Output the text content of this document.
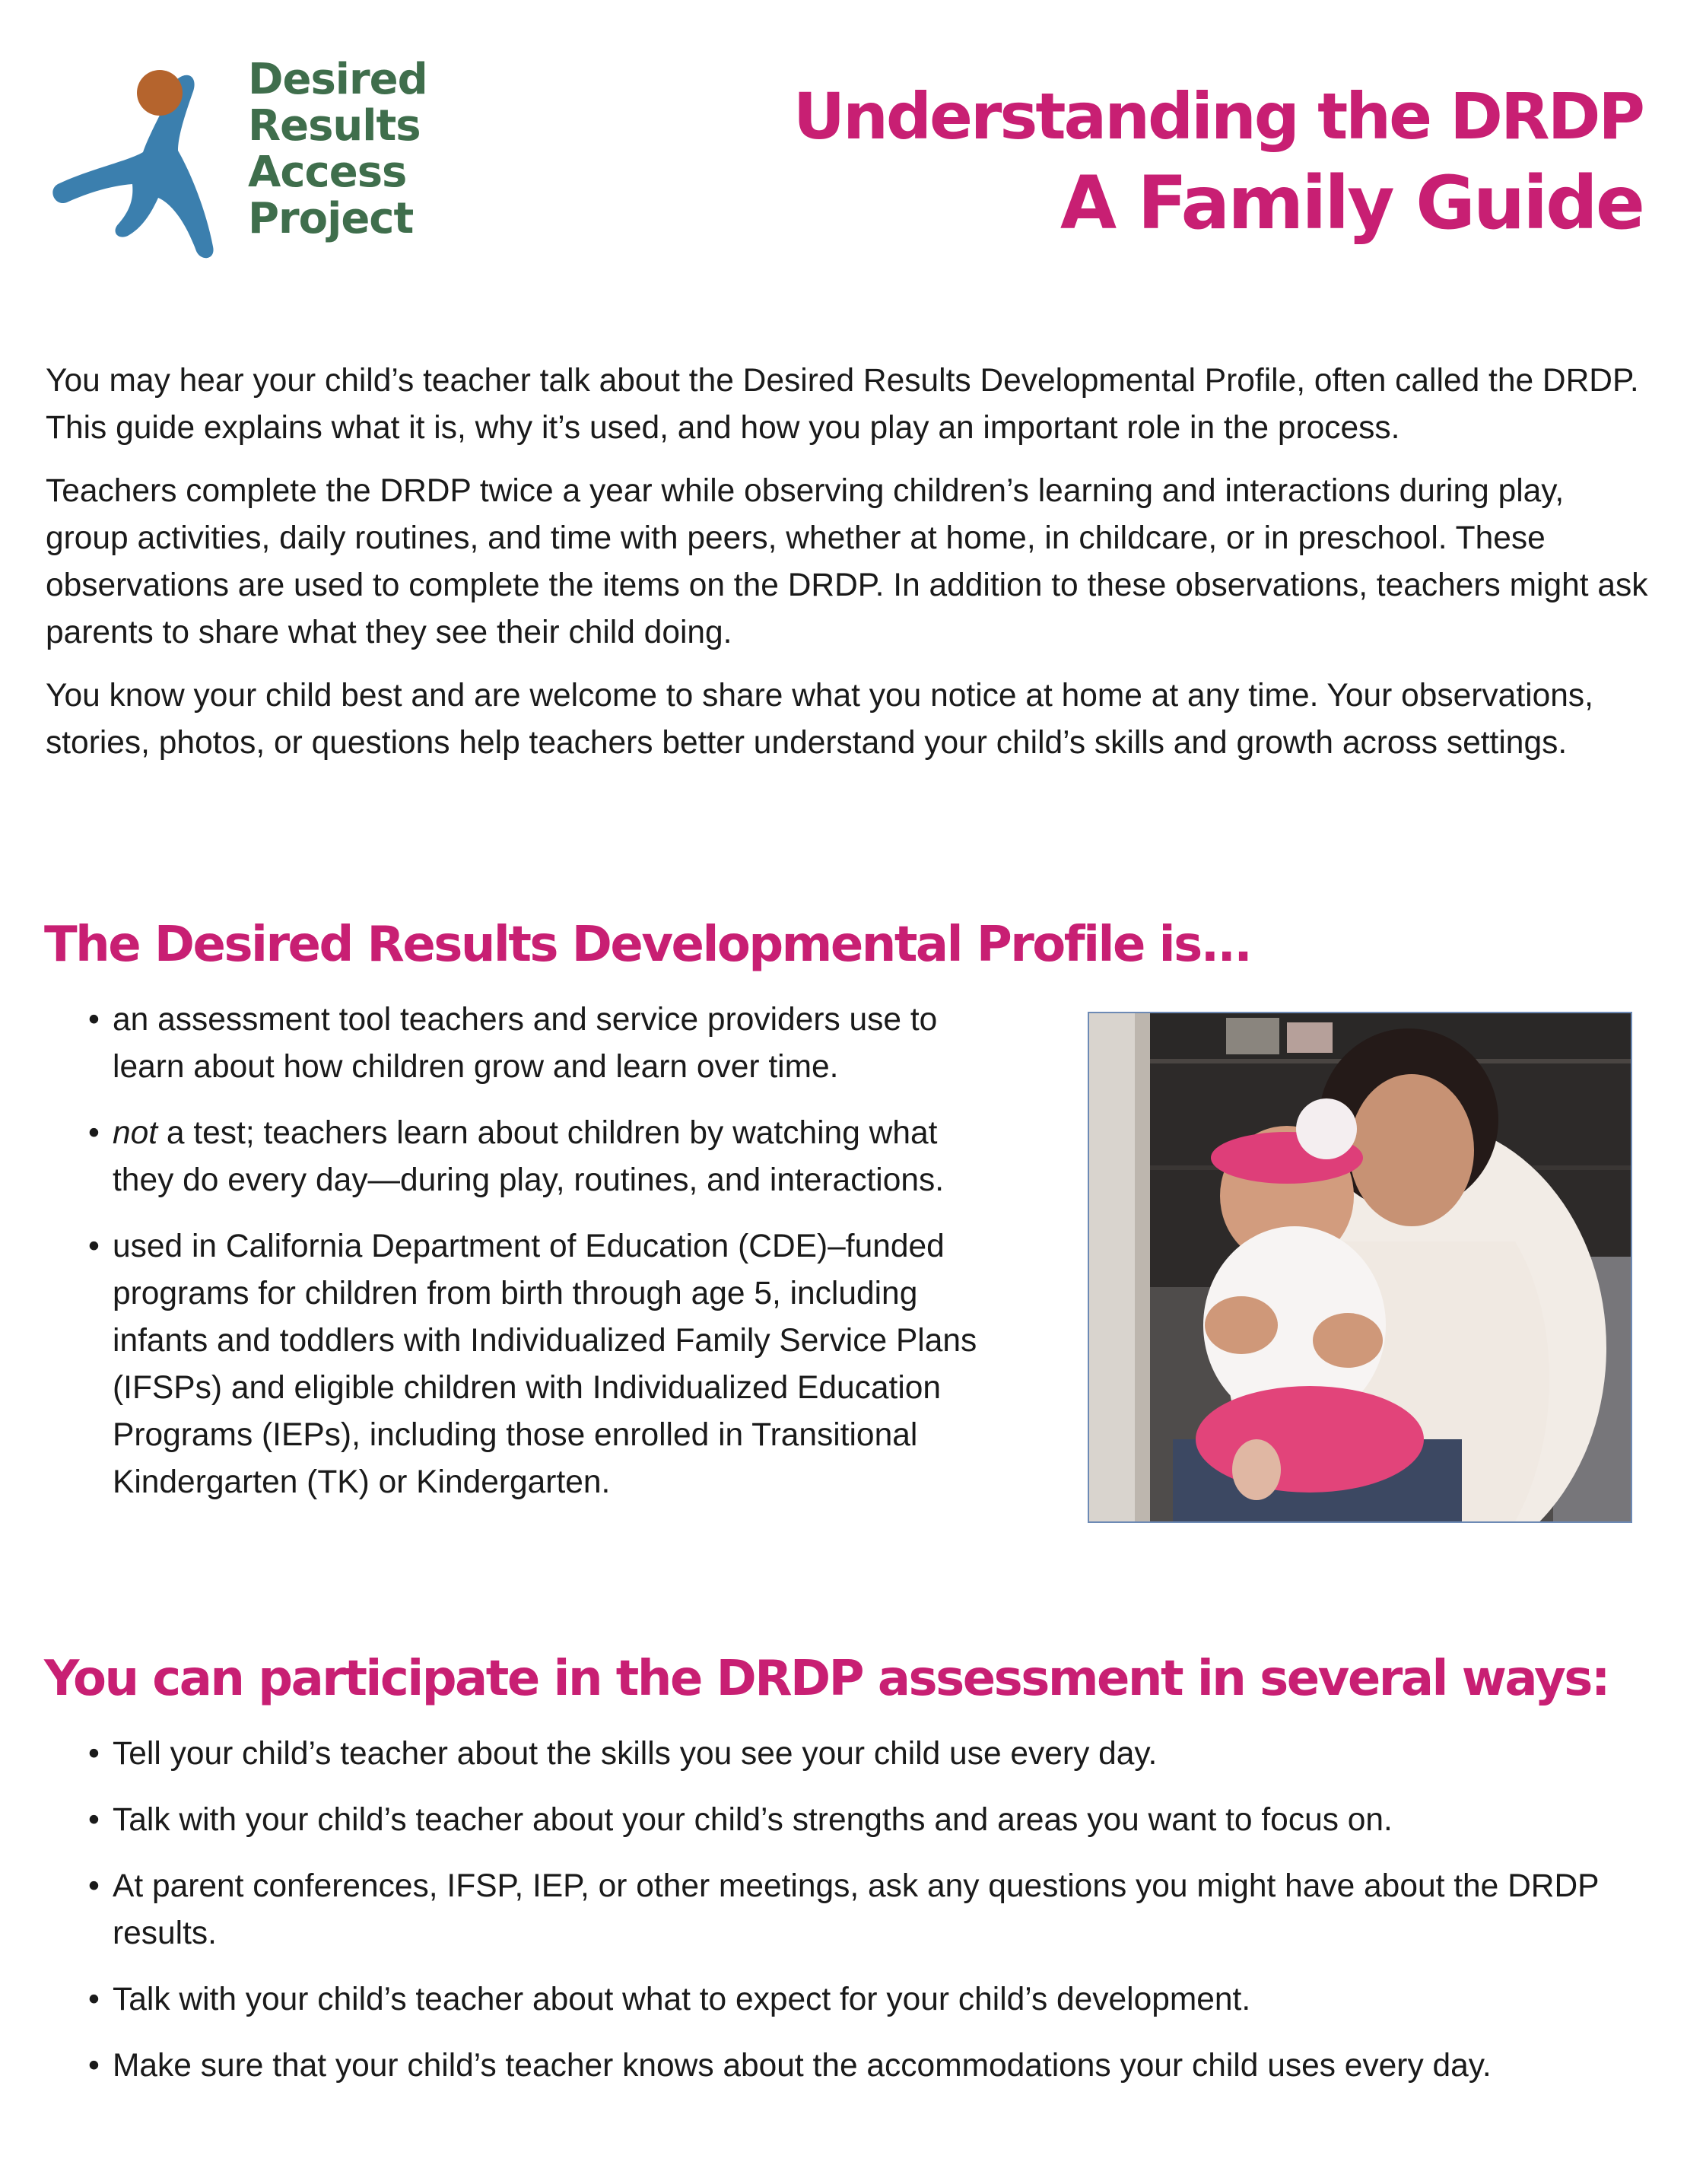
Desired
Results
Access
Project
Understanding the DRDP
A Family Guide

You may hear your child’s teacher talk about the Desired Results Developmental Profile, often called the DRDP. This guide explains what it is, why it’s used, and how you play an important role in the process.

Teachers complete the DRDP twice a year while observing children’s learning and interactions during play, group activities, daily routines, and time with peers, whether at home, in childcare, or in preschool. These observations are used to complete the items on the DRDP. In addition to these observations, teachers might ask parents to share what they see their child doing.

You know your child best and are welcome to share what you notice at home at any time. Your observations, stories, photos, or questions help teachers better understand your child’s skills and growth across settings.

The Desired Results Developmental Profile is...
• an assessment tool teachers and service providers use to learn about how children grow and learn over time.
• not a test; teachers learn about children by watching what they do every day—during play, routines, and interactions.
• used in California Department of Education (CDE)–funded programs for children from birth through age 5, including infants and toddlers with Individualized Family Service Plans (IFSPs) and eligible children with Individualized Education Programs (IEPs), including those enrolled in Transitional Kindergarten (TK) or Kindergarten.
You can participate in the DRDP assessment in several ways:
• Tell your child’s teacher about the skills you see your child use every day.
• Talk with your child’s teacher about your child’s strengths and areas you want to focus on.
• At parent conferences, IFSP, IEP, or other meetings, ask any questions you might have about the DRDP results.
• Talk with your child’s teacher about what to expect for your child’s development.
• Make sure that your child’s teacher knows about the accommodations your child uses every day.
